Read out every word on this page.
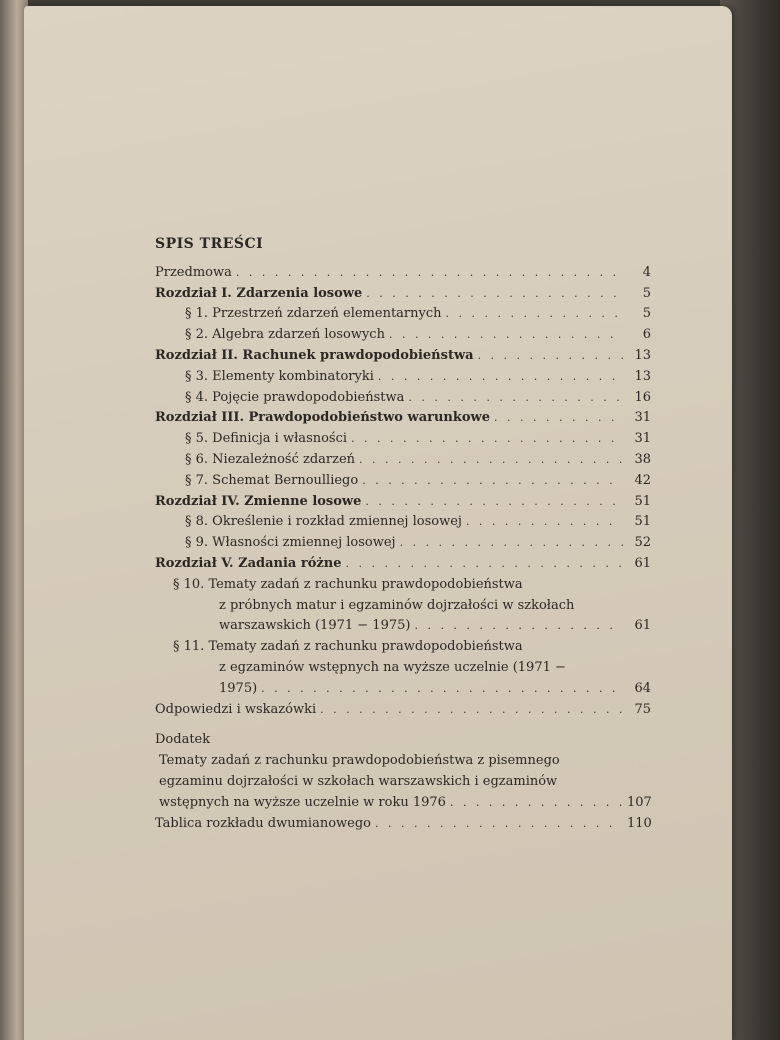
SPIS TREŚCI
Przedmowa . . .	4
Rozdział I. Zdarzenia losowe . . .	5
§ 1. Przestrzeń zdarzeń elementarnych . . .	5
§ 2. Algebra zdarzeń losowych . . .	6
Rozdział II. Rachunek prawdopodobieństwa . . .	13
§ 3. Elementy kombinatoryki . . .	13
§ 4. Pojęcie prawdopodobieństwa . . .	16
Rozdział III. Prawdopodobieństwo warunkowe . . .	31
§ 5. Definicja i własności . . .	31
§ 6. Niezależność zdarzeń . . .	38
§ 7. Schemat Bernoulliego . . .	42
Rozdział IV. Zmienne losowe . . .	51
§ 8. Określenie i rozkład zmiennej losowej . . .	51
§ 9. Własności zmiennej losowej . . .	52
Rozdział V. Zadania różne . . .	61
§ 10. Tematy zadań z rachunku prawdopodobieństwa
z próbnych matur i egzaminów dojrzałości w szkołach
warszawskich (1971 − 1975) . . .	61
§ 11. Tematy zadań z rachunku prawdopodobieństwa
z egzaminów wstępnych na wyższe uczelnie (1971 −
1975) . . .	64
Odpowiedzi i wskazówki . . .	75
Dodatek
Tematy zadań z rachunku prawdopodobieństwa z pisemnego
egzaminu dojrzałości w szkołach warszawskich i egzaminów
wstępnych na wyższe uczelnie w roku 1976 . . .	107
Tablica rozkładu dwumianowego . . .	110
